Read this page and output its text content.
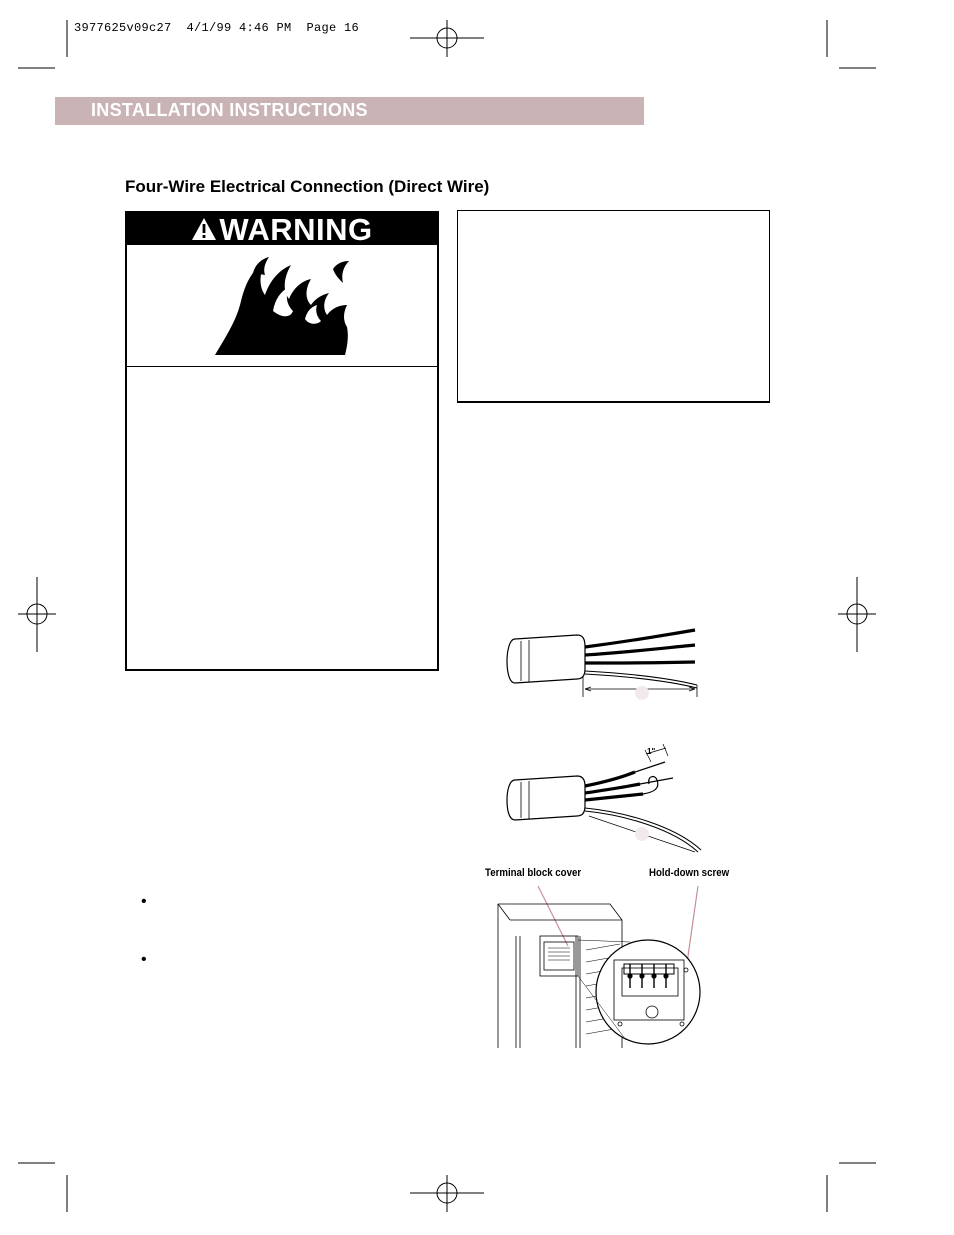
3977625v09c27  4/1/99 4:46 PM  Page 16
INSTALLATION INSTRUCTIONS
Four-Wire Electrical Connection (Direct Wire)
WARNING
•
•
1"
Terminal block cover	Hold-down screw
